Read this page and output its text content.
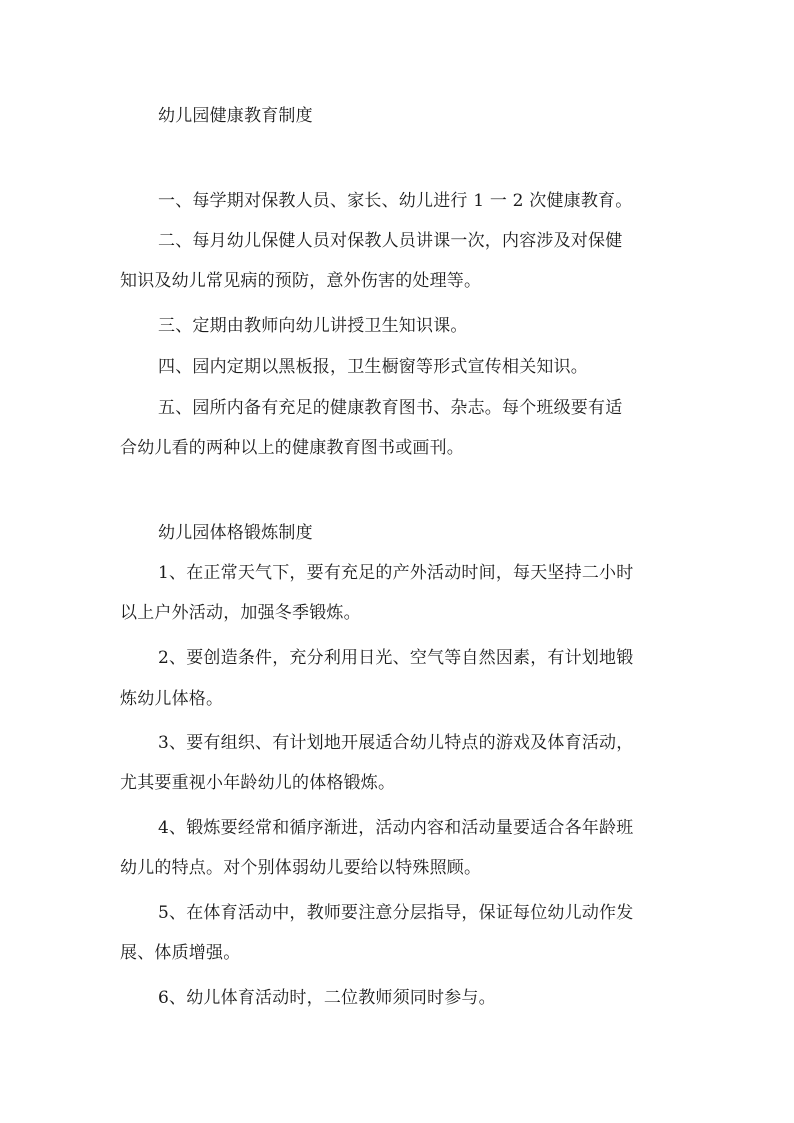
幼儿园健康教育制度
一、每学期对保教人员、家长、幼儿进行 1 一 2 次健康教育。
二、每月幼儿保健人员对保教人员讲课一次，内容涉及对保健
知识及幼儿常见病的预防，意外伤害的处理等。
三、定期由教师向幼儿讲授卫生知识课。
四、园内定期以黑板报，卫生橱窗等形式宣传相关知识。
五、园所内备有充足的健康教育图书、杂志。每个班级要有适
合幼儿看的两种以上的健康教育图书或画刊。
幼儿园体格锻炼制度
1、在正常天气下，要有充足的产外活动时间，每天坚持二小时
以上户外活动，加强冬季锻炼。
2、要创造条件，充分利用日光、空气等自然因素，有计划地锻
炼幼儿体格。
3、要有组织、有计划地开展适合幼儿特点的游戏及体育活动，
尤其要重视小年龄幼儿的体格锻炼。
4、锻炼要经常和循序渐进，活动内容和活动量要适合各年龄班
幼儿的特点。对个别体弱幼儿要给以特殊照顾。
5、在体育活动中，教师要注意分层指导，保证每位幼儿动作发
展、体质增强。
6、幼儿体育活动时，二位教师须同时参与。
